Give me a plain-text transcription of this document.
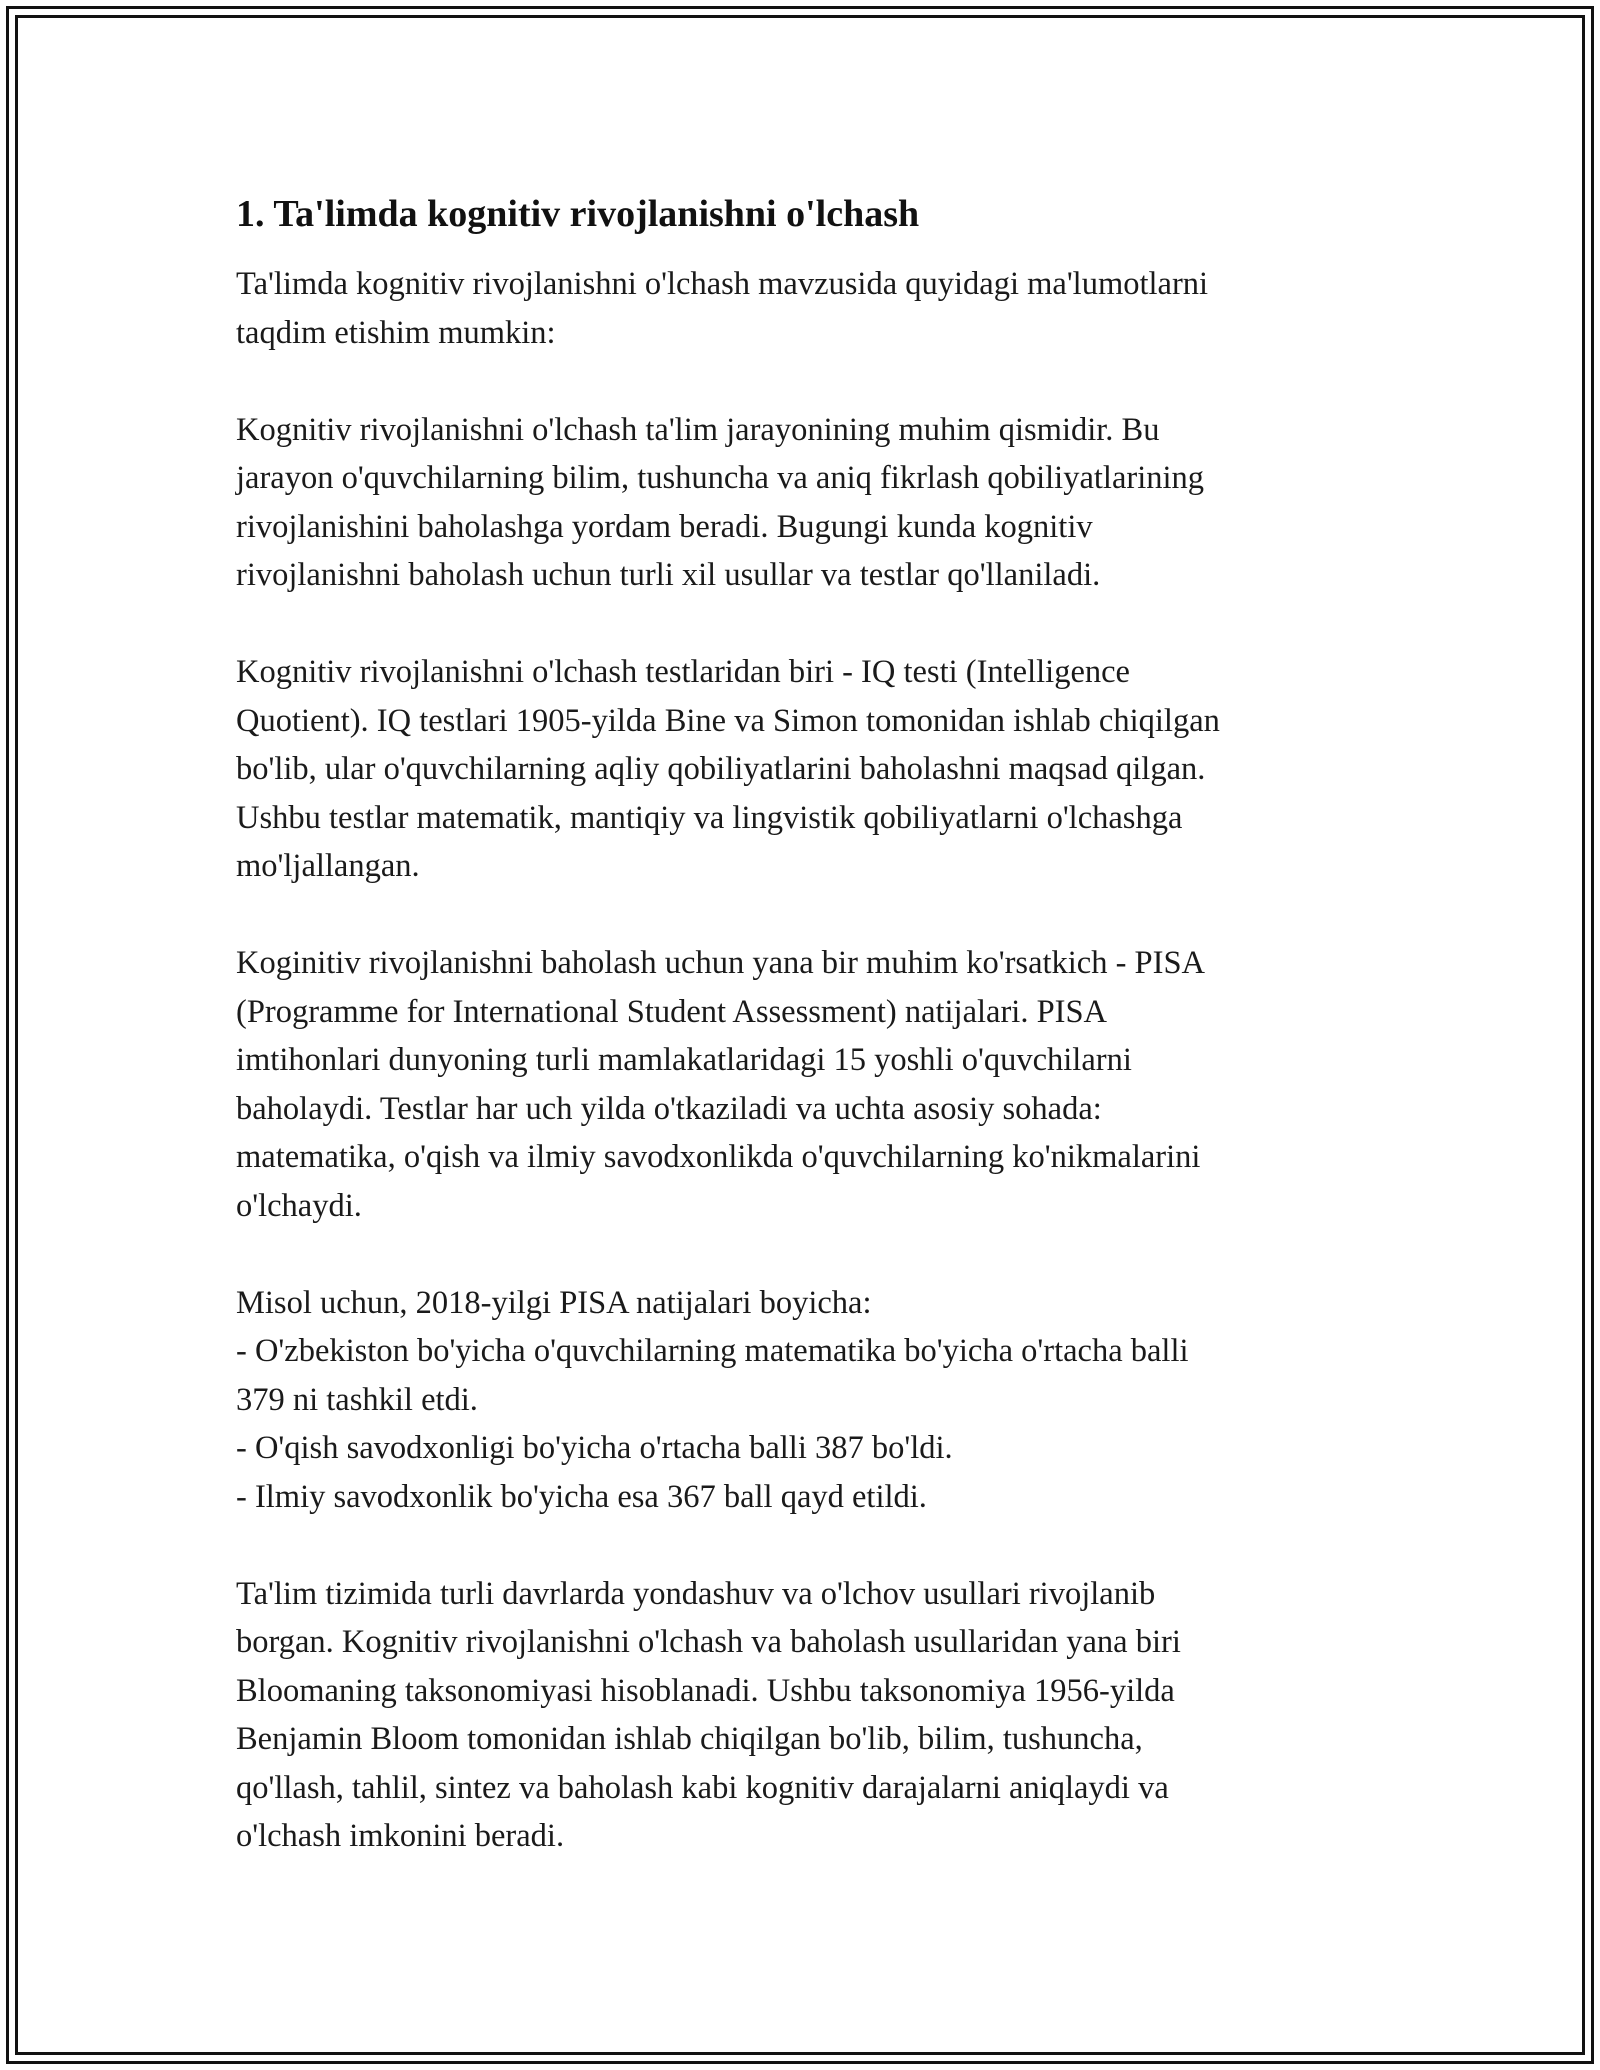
1. Ta'limda kognitiv rivojlanishni o'lchash
Ta'limda kognitiv rivojlanishni o'lchash mavzusida quyidagi ma'lumotlarni
taqdim etishim mumkin:
Kognitiv rivojlanishni o'lchash ta'lim jarayonining muhim qismidir. Bu
jarayon o'quvchilarning bilim, tushuncha va aniq fikrlash qobiliyatlarining
rivojlanishini baholashga yordam beradi. Bugungi kunda kognitiv
rivojlanishni baholash uchun turli xil usullar va testlar qo'llaniladi.
Kognitiv rivojlanishni o'lchash testlaridan biri - IQ testi (Intelligence
Quotient). IQ testlari 1905-yilda Bine va Simon tomonidan ishlab chiqilgan
bo'lib, ular o'quvchilarning aqliy qobiliyatlarini baholashni maqsad qilgan.
Ushbu testlar matematik, mantiqiy va lingvistik qobiliyatlarni o'lchashga
mo'ljallangan.
Koginitiv rivojlanishni baholash uchun yana bir muhim ko'rsatkich - PISA
(Programme for International Student Assessment) natijalari. PISA
imtihonlari dunyoning turli mamlakatlaridagi 15 yoshli o'quvchilarni
baholaydi. Testlar har uch yilda o'tkaziladi va uchta asosiy sohada:
matematika, o'qish va ilmiy savodxonlikda o'quvchilarning ko'nikmalarini
o'lchaydi.
Misol uchun, 2018-yilgi PISA natijalari boyicha:
- O'zbekiston bo'yicha o'quvchilarning matematika bo'yicha o'rtacha balli
379 ni tashkil etdi.
- O'qish savodxonligi bo'yicha o'rtacha balli 387 bo'ldi.
- Ilmiy savodxonlik bo'yicha esa 367 ball qayd etildi.
Ta'lim tizimida turli davrlarda yondashuv va o'lchov usullari rivojlanib
borgan. Kognitiv rivojlanishni o'lchash va baholash usullaridan yana biri
Bloomaning taksonomiyasi hisoblanadi. Ushbu taksonomiya 1956-yilda
Benjamin Bloom tomonidan ishlab chiqilgan bo'lib, bilim, tushuncha,
qo'llash, tahlil, sintez va baholash kabi kognitiv darajalarni aniqlaydi va
o'lchash imkonini beradi.
